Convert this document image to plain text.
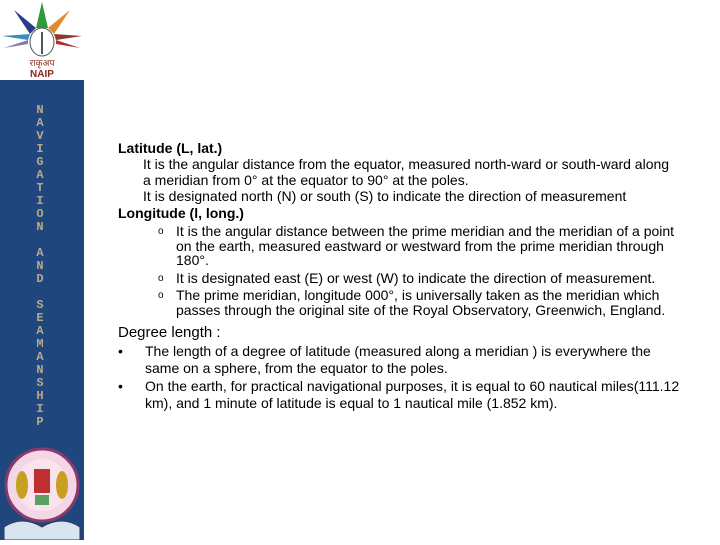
राकृअप
NAIP
N
A
V
I
G
A
T
I
O
N

A
N
D

S
E
A
M
A
N
S
H
I
P

Latitude (L, lat.)

It is the angular distance from the equator, measured north-ward or south-ward along a meridian from 0° at the equator to 90° at the poles.

It is designated north (N) or south (S) to indicate the direction of measurement

Longitude (l, long.)

o It is the angular distance between the prime meridian and the meridian of a point on the earth, measured eastward or westward from the prime meridian through 180°.
o It is designated east (E) or west (W) to indicate the direction of measurement.
o The prime meridian, longitude 000°, is universally taken as the meridian which passes through the original site of the Royal Observatory, Greenwich, England.

Degree length :

• The length of a degree of latitude (measured along a meridian ) is everywhere the same on a sphere, from the equator to the poles.
• On the earth, for practical navigational purposes, it is equal to 60 nautical miles(111.12 km), and 1 minute of latitude is equal to 1 nautical mile (1.852 km).
